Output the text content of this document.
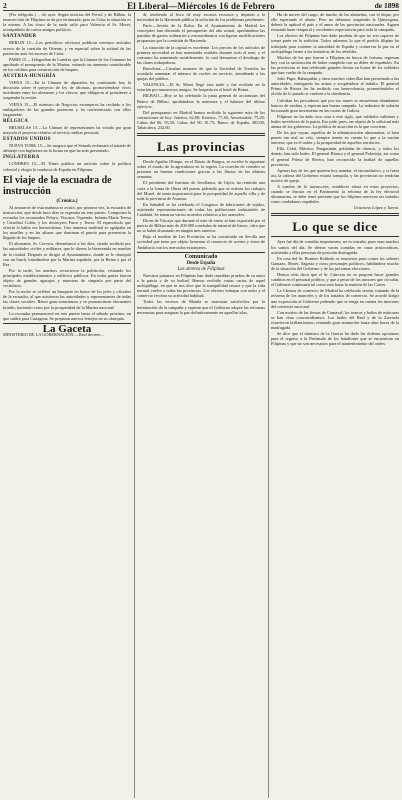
2	El Liberal—Miércoles 16 de Febrero	de 1898

(Por telégrafo.) ... de ayer. Según noticias del Ferrol y de Bilbao, la insurrección de Filipinas se da por terminada; pero en Cuba la situación es la misma. A las cinco de la tarde salió para Valencia el Sr. Moret, acompañado de varios amigos políticos.

SANTANDER

BERLIN 15.—Los periódicos oficiosos publican extensos artículos acerca de la cuestión de Oriente, y en especial sobre la actitud de las potencias ante los sucesos de Creta.

PARIS 15.—Telegrafían de Londres que la Cámara de los Comunes ha aprobado el presupuesto de la Marina, votando un aumento considerable en los créditos para construcción de buques.

AUSTRIA-HUNGRÍA

VIENA 15.—En la Cámara de diputados ha continuado hoy la discusión sobre el proyecto de ley de idiomas, promoviéndose vivos incidentes entre los alemanes y los checos, que obligaron al presidente a suspender la sesión.

VIENA 15.—El ministro de Negocios extranjeros ha recibido a los embajadores de las grandes potencias y ha conferenciado con ellos largamente.

BÉLGICA

BRUSELAS 15.—La Cámara de representantes ha votado por gran mayoría el proyecto relativo al servicio militar personal.

ESTADOS UNIDOS

NUEVA YORK 15.—Se asegura que el Senado rechazará el tratado de arbitraje con Inglaterra en la forma en que ha sido presentado.

INGLATERRA

LONDRES 15.—El Times publica un artículo sobre la política colonial y elogia la conducta de España en Filipinas.

El viaje de la escuadra de instrucción
(Crónica.)

Al amanecer de esta mañana se avistó, por primera vez, la escuadra de instrucción, que desde hace días se esperaba en este puerto. Componen la escuadra los acorazados Pelayo, Vizcaya, Oquendo, Infanta María Teresa y Cristóbal Colón, y los destroyers Furor y Terror. El espectáculo que ofrecía la bahía era hermosísimo. Una inmensa multitud se agolpaba en los muelles y en las alturas que dominan el puerto para presenciar la llegada de los buques.

El almirante, Sr. Cervera, desembarcó a las diez, siendo recibido por las autoridades civiles y militares, que le dieron la bienvenida en nombre de la ciudad. Después se dirigió al Ayuntamiento, donde se le obsequió con un lunch, brindándose por la Marina española, por la Reina y por el Rey.

Por la tarde, los marinos recorrieron la población, visitando los principales establecimientos y edificios públicos. En todas partes fueron objeto de grandes agasajos y muestras de simpatía por parte del vecindario.

Por la noche se celebró un banquete en honor de los jefes y oficiales de la escuadra, al que asistieron las autoridades y representantes de todas las clases sociales. Reinó gran entusiasmo y se pronunciaron elocuentes brindis, haciendo votos por la prosperidad de la Marina nacional.

La escuadra permanecerá en este puerto hasta el sábado próximo, en que saldrá para Cartagena. Se preparan nuevos festejos en su obsequio.

La Gaceta
MINISTERIO DE LA GOBERNACIÓN.—Real decreto...

di, tendiendo al fisco de muy escasos recursos y dejando a la necesidad de la Hacienda pública la solución de los problemas pendientes.

París.—Sesión de la Bolsa. En el Ayuntamiento de Madrid los concejales han discutido el presupuesto del año actual, aprobándose las partidas de gastos ordinarios y extraordinarios con ligeras modificaciones propuestas por la comisión de Hacienda.

La situación de la capital es excelente. Los precios de los artículos de primera necesidad se han mantenido estables durante todo el mes, y el consumo ha aumentado notablemente, lo cual demuestra el desahogo de las clases trabajadoras.

Barcelona.—Circulan rumores de que la Sociedad de Tranvías ha acordado aumentar el número de coches en servicio, atendiendo a las quejas del público.

VALENCIA.—El Sr. Moret llegó esta tarde y fue recibido en la estación por numerosos amigos. Se hospeda en el hotel de Roma.

BILBAO.—Hoy se ha celebrado la junta general de accionistas del Banco de Bilbao, aprobándose la memoria y el balance del último ejercicio.

Del presupuesto en Madrid hemos recibido la siguiente nota de las cotizaciones de hoy: Interior, 62,80; Exterior, 77,40; Amortizable, 75,20; Cubas del 86, 93,50; Cubas del 90, 81,75; Banco de España, 385,00; Tabacalera, 232,00.

Las provincias

Desde Aguilar Olimpo, en el Diario de Burgos, se escribe lo siguiente sobre el estado de la agricultura en la región. La cosecha de cereales se presenta en buenas condiciones gracias a las lluvias de las últimas semanas.

El presidente del Instituto de Jovellanos, de Gijón, ha remitido una carta a la Junta de Obras del puerto pidiendo que se activen los trabajos del Musel, de tanta importancia para la prosperidad de aquella villa y de toda la provincia de Asturias.

En Sabadell se ha celebrado el Congreso de fabricantes de tejidos, asistiendo representaciones de todas las poblaciones industriales de Cataluña. Se tomaron varios acuerdos relativos a los aranceles.

Dicen de Vizcaya que durante el mes de enero se han exportado por el puerto de Bilbao más de 400.000 toneladas de mineral de hierro, cifra que no se había alcanzado en ningún mes anterior.

Bajo el nombre de Las Provincias se ha constituido en Sevilla una sociedad que tiene por objeto fomentar el comercio de aceites y vinos de Andalucía con los mercados extranjeros.

Comunicado
Desde España
Los obreros de Filipinas

Nuestros paisanos en Filipinas han dado repetidas pruebas de su amor a la patria y de su lealtad. Hemos recibido varias cartas de aquel archipiélago, en que se nos dice que la tranquilidad renace y que la vida normal vuelve a todas las provincias. Los obreros trabajan con ardor y el comercio recobra su actividad habitual.

Todos los vecinos de Manila se muestran satisfechos por la terminación de la campaña y esperan que el Gobierno adopte las reformas necesarias para asegurar la paz definitivamente en aquellas islas.

Ha de mover del cargo, de mucho de las alamedas, con el dique, por ello esperando el abono. Pero no debemos suspender la Quincigona, deberá la aptitud el país y el amor de las provincias nacionales. Siguen reinando buen temporal y excelentes expectativas para toda la campaña.

Los obreros de Filipinas han dado pruebas de que no son capaces de tomar parte en la sedición. Todos sabemos lo que el pueblo filipino ha trabajado para sostener la autoridad de España y conservar la paz en el archipiélago frente a las tentativas de los rebeldes.

Muchos de los que fueron a Filipinas en busca de fortuna, regresan hoy con la satisfacción de haber cumplido con su deber de españoles. En las provincias se han celebrado grandes fiestas en honor de los soldados que han vuelto de la campaña.

Julio Pupó, Babaquilán y otros muchos cabecillas han presentado a las autoridades, entregando las armas y acogiéndose al indulto. El general Primo de Rivera les ha recibido con benevolencia, prometiéndoles el olvido de lo pasado si vuelven a la obediencia.

Calculan los pescadores que por sus mares se encuentran abundantes bancos de sardina, y esperan una buena campaña. La industria de salazón ha tomado gran incremento en las costas de Galicia.

Filipinas no ha dado otra cosa á este siglo, que soldados valientes y leales servidores de la patria. Eso pide, pues, ser objeto de la solicitud más atenta de los gobiernos. La política de atracción es la que conviene.

De los que vayan, aquellos de la administración ultramarina, si bien ponen tan mal su celo, siempre tienen en cuenta lo que a la nación interesa, que es el orden y la prosperidad de aquellos territorios.

Ella, Cebú, Mórrico, Pangasinán, pobladas de obreros, y todos los demás, han sido leales. El general Blanco y el general Polavieja, así como el general Primo de Rivera, han reconocido la lealtad de aquellas provincias.

Apenas hay de los que quieren hoy mandar, el encomiástico, y si fuera así, la cabeza del Gobierno estaría tranquila, y las provincias no tendrían motivo de queja.

A cambio de la instrucción, establecer ahora en estos proyectos, cuando se discuta en el Parlamento la reforma de la ley electoral ultramarina, se debe tener presente que los filipinos merecen ser tratados como ciudadanos españoles.

Graciano López y Jaena.
Lo que se dice

Ayer fué día de comidas importantes; no es extraño, pues eran muchos los santos del día. Se dieron varias comidas en casas aristocráticas, asistiendo a ellas personas de posición distinguida.

En casa del Sr. Romero Robledo se reunieron para comer los señores Gamazo, Moret, Sagasta y otros personajes políticos, hablándose mucho de la situación del Gobierno y de las próximas elecciones.

Hemos oído decir que el Sr. Cánovas no se propone hacer grandes cambios en el personal político, y que a pesar de los rumores que circulan, el Gabinete continuará tal como está hasta la reunión de las Cortes.

La Cámara de comercio de Madrid ha celebrado sesión, tratando de la reforma de los aranceles y de los tratados de comercio. Se acordó dirigir una exposición al Gobierno pidiendo que se tenga en cuenta los intereses del comercio nacional.

Con motivo de las fiestas de Carnaval, los teatros y bailes de máscaras se han visto concurridísimos. Los bailes del Real y de la Zarzuela estuvieron brillantísimos, reinando gran animación hasta altas horas de la madrugada.

Se dice que el ministro de la Guerra ha dado las órdenes oportunas para el regreso a la Península de los batallones que se encuentran en Filipinas y que no son necesarios para el mantenimiento del orden.
